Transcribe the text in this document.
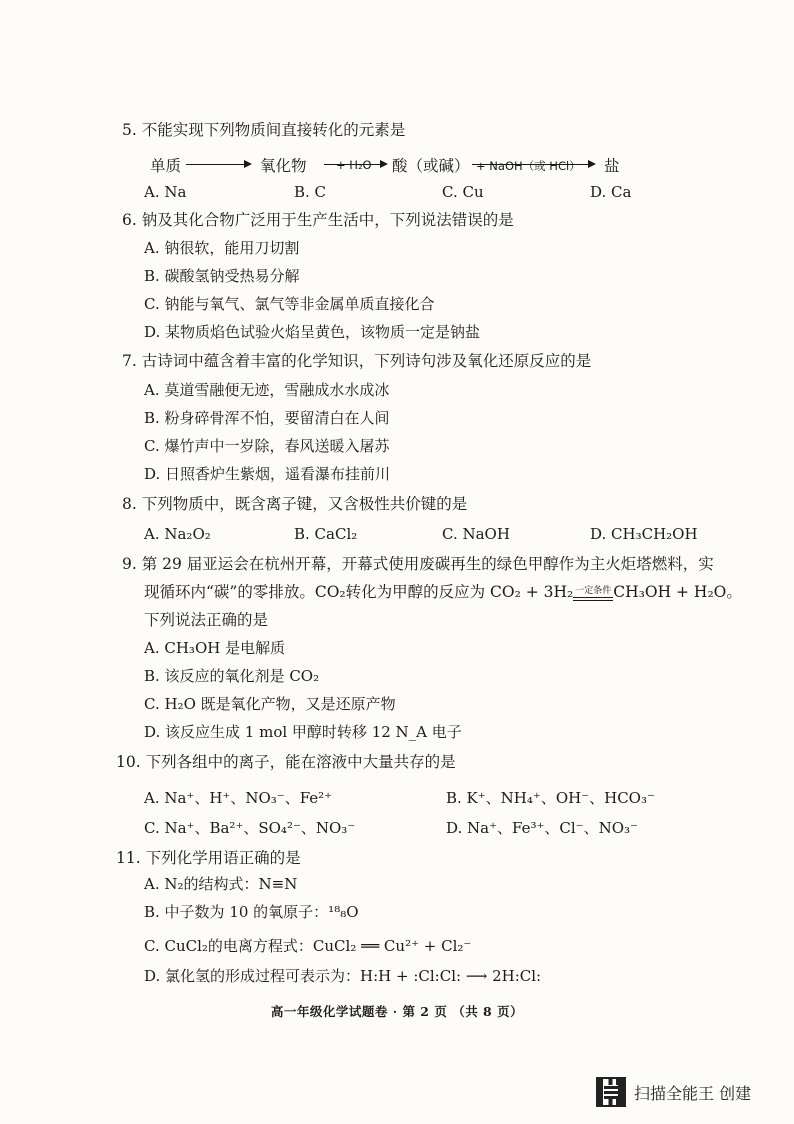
5. 不能实现下列物质间直接转化的元素是
单质	氧化物	+ H₂O 酸（或碱） + NaOH（或 HCl） 盐
A. Na	B. C	C. Cu	D. Ca
6. 钠及其化合物广泛用于生产生活中，下列说法错误的是
A. 钠很软，能用刀切割
B. 碳酸氢钠受热易分解
C. 钠能与氧气、氯气等非金属单质直接化合
D. 某物质焰色试验火焰呈黄色，该物质一定是钠盐
7. 古诗词中蕴含着丰富的化学知识，下列诗句涉及氧化还原反应的是
A. 莫道雪融便无迹，雪融成水水成冰
B. 粉身碎骨浑不怕，要留清白在人间
C. 爆竹声中一岁除，春风送暖入屠苏
D. 日照香炉生紫烟，遥看瀑布挂前川
8. 下列物质中，既含离子键，又含极性共价键的是
A. Na₂O₂	B. CaCl₂	C. NaOH	D. CH₃CH₂OH
9. 第 29 届亚运会在杭州开幕，开幕式使用废碳再生的绿色甲醇作为主火炬塔燃料，实
现循环内“碳”的零排放。CO₂转化为甲醇的反应为 CO₂ + 3H₂ 一定条件 CH₃OH + H₂O。
下列说法正确的是
A. CH₃OH 是电解质
B. 该反应的氧化剂是 CO₂
C. H₂O 既是氧化产物，又是还原产物
D. 该反应生成 1 mol 甲醇时转移 12 N_A 电子
10. 下列各组中的离子，能在溶液中大量共存的是
A. Na⁺、H⁺、NO₃⁻、Fe²⁺	B. K⁺、NH₄⁺、OH⁻、HCO₃⁻
C. Na⁺、Ba²⁺、SO₄²⁻、NO₃⁻	D. Na⁺、Fe³⁺、Cl⁻、NO₃⁻
11. 下列化学用语正确的是
A. N₂的结构式：N≡N
B. 中子数为 10 的氧原子：¹⁸₈O
C. CuCl₂的电离方程式：CuCl₂ ══ Cu²⁺ + Cl₂⁻
D. 氯化氢的形成过程可表示为：H:H + :Cl:Cl: ⟶ 2H:Cl:
高一年级化学试题卷 · 第 2 页 （共 8 页）
扫描全能王 创建
